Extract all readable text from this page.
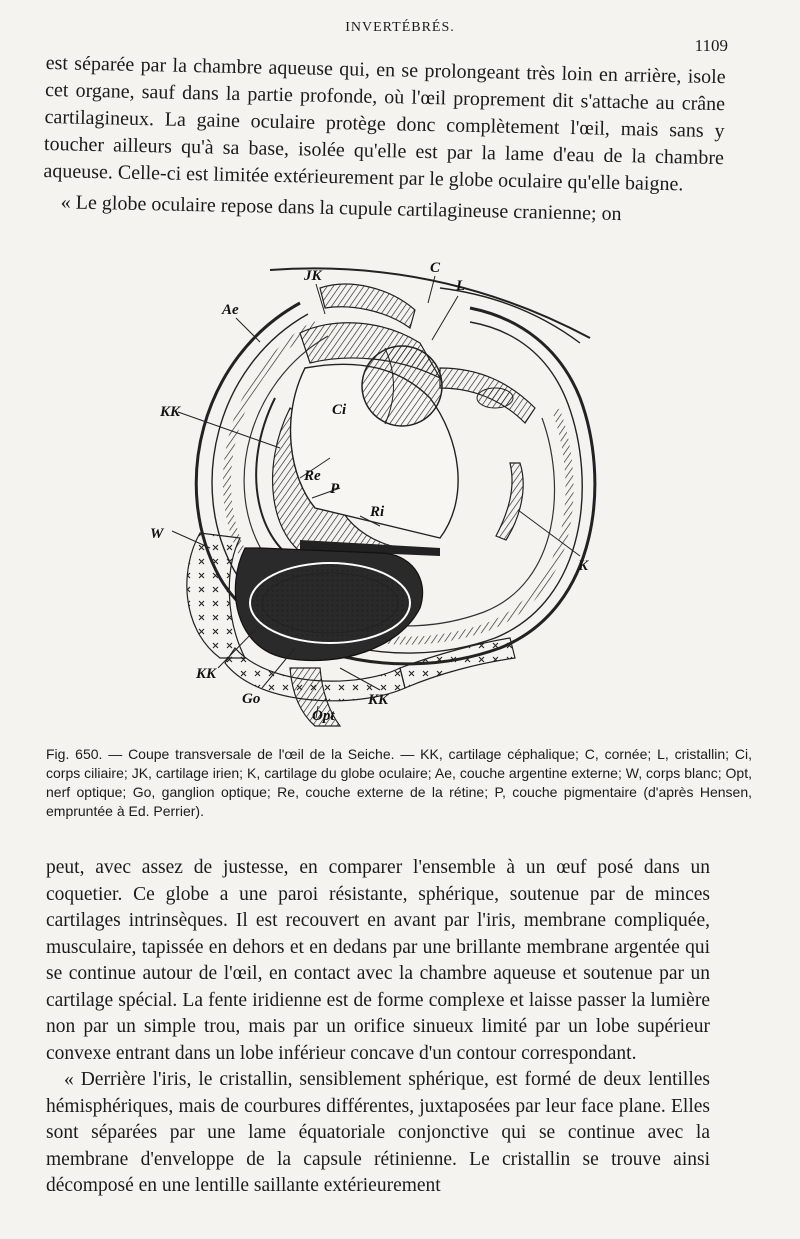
INVERTÉBRÉS.
1109

est séparée par la chambre aqueuse qui, en se prolongeant très loin en arrière, isole cet organe, sauf dans la partie profonde, où l'œil proprement dit s'attache au crâne cartilagineux. La gaine oculaire protège donc complètement l'œil, mais sans y toucher ailleurs qu'à sa base, isolée qu'elle est par la lame d'eau de la chambre aqueuse. Celle-ci est limitée extérieurement par le globe oculaire qu'elle baigne.

« Le globe oculaire repose dans la cupule cartilagineuse cranienne; on

JK	C
L
Ae
Ci
KK
Re
P
Ri
W
K
KK
Go	KK
Opt
Fig. 650. — Coupe transversale de l'œil de la Seiche. — KK, cartilage céphalique; C, cornée; L, cristallin; Ci, corps ciliaire; JK, cartilage irien; K, cartilage du globe oculaire; Ae, couche argentine externe; W, corps blanc; Opt, nerf optique; Go, ganglion optique; Re, couche externe de la rétine; P, couche pigmentaire (d'après Hensen, empruntée à Ed. Perrier).

peut, avec assez de justesse, en comparer l'ensemble à un œuf posé dans un coquetier. Ce globe a une paroi résistante, sphérique, soutenue par de minces cartilages intrinsèques. Il est recouvert en avant par l'iris, membrane compliquée, musculaire, tapissée en dehors et en dedans par une brillante membrane argentée qui se continue autour de l'œil, en contact avec la chambre aqueuse et soutenue par un cartilage spécial. La fente iridienne est de forme complexe et laisse passer la lumière non par un simple trou, mais par un orifice sinueux limité par un lobe supérieur convexe entrant dans un lobe inférieur concave d'un contour correspondant.

« Derrière l'iris, le cristallin, sensiblement sphérique, est formé de deux lentilles hémisphériques, mais de courbures différentes, juxtaposées par leur face plane. Elles sont séparées par une lame équatoriale conjonctive qui se continue avec la membrane d'enveloppe de la capsule rétinienne. Le cristallin se trouve ainsi décomposé en une lentille saillante extérieurement
